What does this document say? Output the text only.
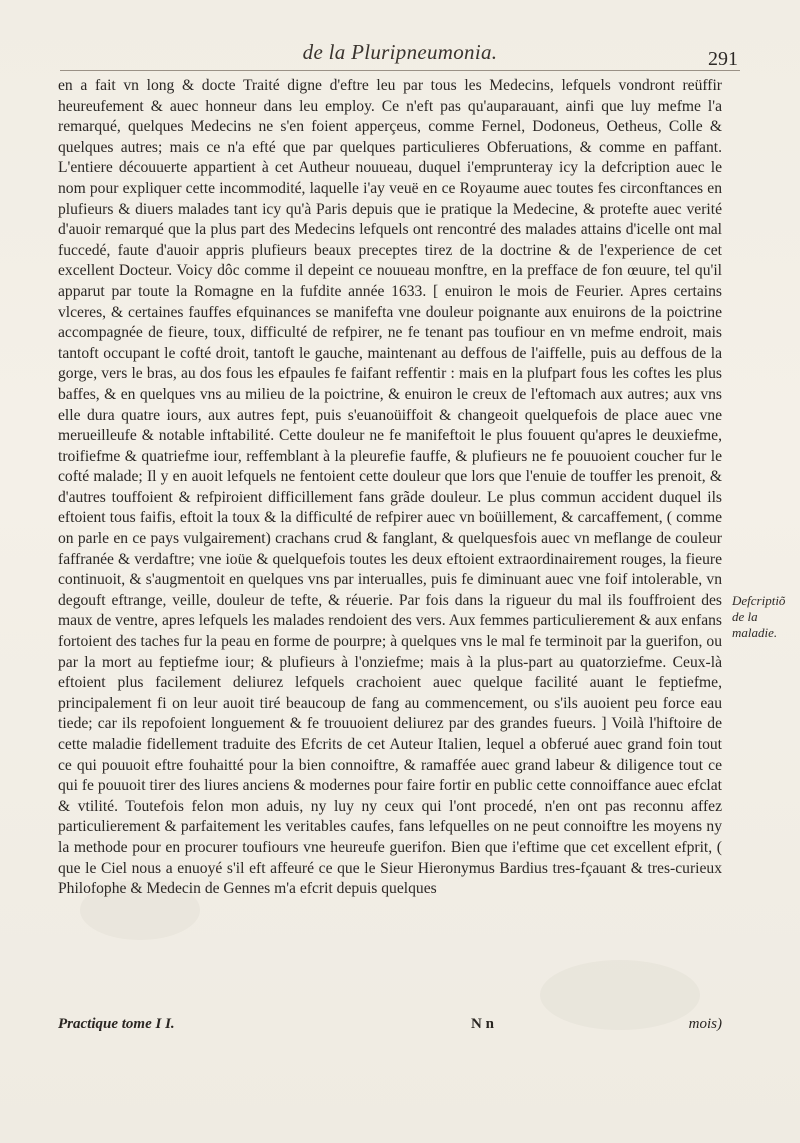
de la Pluripneumonia.	291

en a fait vn long & docte Traité digne d'eftre leu par tous les Medecins, lefquels vondront reüffir heureufement & auec honneur dans leu employ. Ce n'eft pas qu'auparauant, ainfi que luy mefme l'a remarqué, quelques Medecins ne s'en foient apperçeus, comme Fernel, Dodoneus, Oetheus, Colle & quelques autres; mais ce n'a efté que par quelques particulieres Obferuations, & comme en paffant. L'entiere découuerte appartient à cet Autheur nouueau, duquel i'emprunteray icy la defcription auec le nom pour expliquer cette incommodité, laquelle i'ay veuë en ce Royaume auec toutes fes circonftances en plufieurs & diuers malades tant icy qu'à Paris depuis que ie pratique la Medecine, & protefte auec verité d'auoir remarqué que la plus part des Medecins lefquels ont rencontré des malades attains d'icelle ont mal fuccedé, faute d'auoir appris plufieurs beaux preceptes tirez de la doctrine & de l'experience de cet excellent Docteur. Voicy dôc comme il depeint ce nouueau monftre, en la prefface de fon œuure, tel qu'il apparut par toute la Romagne en la fufdite année 1633. [ enuiron le mois de Feurier. Apres certains vlceres, & certaines fauffes efquinances se manifefta vne douleur poignante aux enuirons de la poictrine accompagnée de fieure, toux, difficulté de refpirer, ne fe tenant pas toufiour en vn mefme endroit, mais tantoft occupant le cofté droit, tantoft le gauche, maintenant au deffous de l'aiffelle, puis au deffous de la gorge, vers le bras, au dos fous les efpaules fe faifant reffentir : mais en la plufpart fous les coftes les plus baffes, & en quelques vns au milieu de la poictrine, & enuiron le creux de l'eftomach aux autres; aux vns elle dura quatre iours, aux autres fept, puis s'euanoüiffoit & changeoit quelquefois de place auec vne merueilleufe & notable inftabilité. Cette douleur ne fe manifeftoit le plus fouuent qu'apres le deuxiefme, troifiefme & quatriefme iour, reffemblant à la pleurefie fauffe, & plufieurs ne fe pouuoient coucher fur le cofté malade; Il y en auoit lefquels ne fentoient cette douleur que lors que l'enuie de touffer les prenoit, & d'autres touffoient & refpiroient difficillement fans grãde douleur. Le plus commun accident duquel ils eftoient tous faifis, eftoit la toux & la difficulté de refpirer auec vn boüillement, & carcaffement, ( comme on parle en ce pays vulgairement) crachans crud & fanglant, & quelquesfois auec vn meflange de couleur faffranée & verdaftre; vne ioüe & quelquefois toutes les deux eftoient extraordinairement rouges, la fieure continuoit, & s'augmentoit en quelques vns par interualles, puis fe diminuant auec vne foif intolerable, vn degouft eftrange, veille, douleur de tefte, & réuerie. Par fois dans la rigueur du mal ils fouffroient des maux de ventre, apres lefquels les malades rendoient des vers. Aux femmes particulierement & aux enfans fortoient des taches fur la peau en forme de pourpre; à quelques vns le mal fe terminoit par la guerifon, ou par la mort au feptiefme iour; & plufieurs à l'onziefme; mais à la plus-part au quatorziefme. Ceux-là eftoient plus facilement deliurez lefquels crachoient auec quelque facilité auant le feptiefme, principalement fi on leur auoit tiré beaucoup de fang au commencement, ou s'ils auoient peu force eau tiede; car ils repofoient longuement & fe trouuoient deliurez par des grandes fueurs. ] Voilà l'hiftoire de cette maladie fidellement traduite des Efcrits de cet Auteur Italien, lequel a obferué auec grand foin tout ce qui pouuoit eftre fouhaitté pour la bien connoiftre, & ramaffée auec grand labeur & diligence tout ce qui fe pouuoit tirer des liures anciens & modernes pour faire fortir en public cette connoiffance auec efclat & vtilité. Toutefois felon mon aduis, ny luy ny ceux qui l'ont procedé, n'en ont pas reconnu affez particulierement & parfaitement les veritables caufes, fans lefquelles on ne peut connoiftre les moyens ny la methode pour en procurer toufiours vne heureufe guerifon. Bien que i'eftime que cet excellent efprit, ( que le Ciel nous a enuoyé s'il eft affeuré ce que le Sieur Hieronymus Bardius tres-fçauant & tres-curieux Philofophe & Medecin de Gennes m'a efcrit depuis quelques

Defcriptiõ de la maladie.
Practique tome I I.	N n	mois)
